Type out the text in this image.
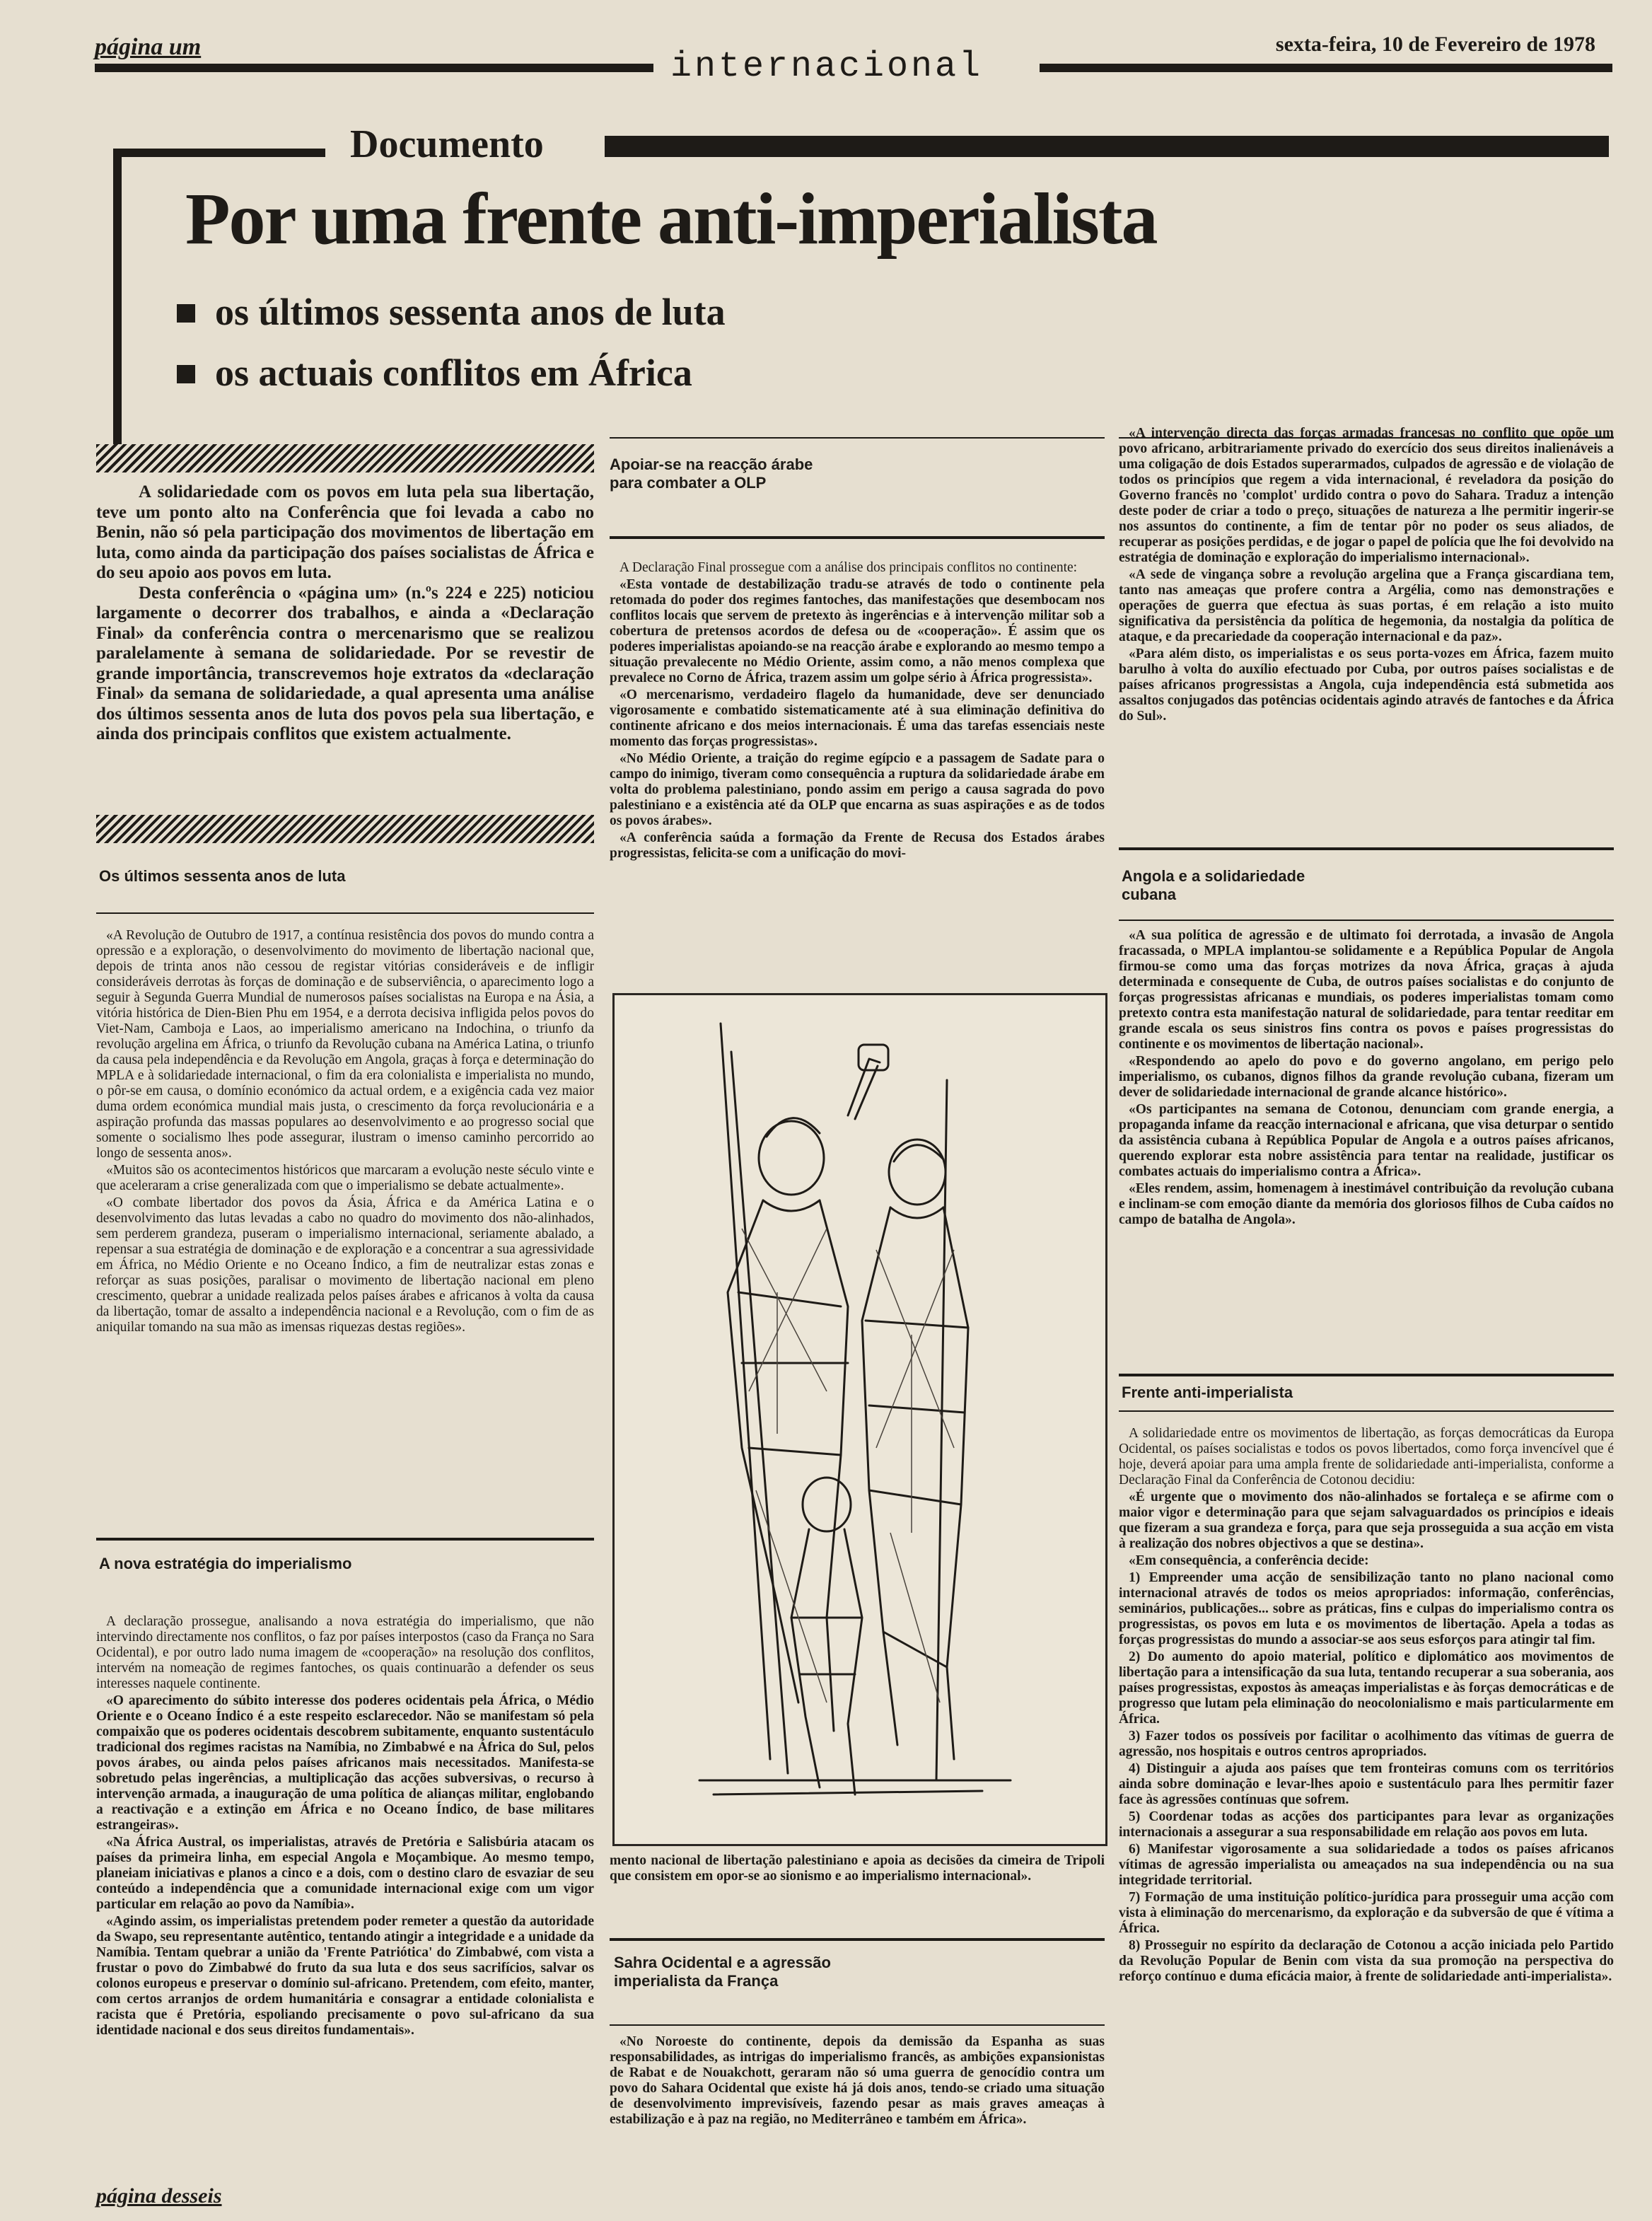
página um	internacional
sexta-feira, 10 de Fevereiro de 1978
Documento
Por uma frente anti-imperialista
os últimos sessenta anos de luta
os actuais conflitos em África

A solidariedade com os povos em luta pela sua libertação, teve um ponto alto na Conferência que foi levada a cabo no Benin, não só pela participação dos movimentos de libertação em luta, como ainda da participação dos países socialistas de África e do seu apoio aos povos em luta.

Desta conferência o «página um» (n.ºs 224 e 225) noticiou largamente o decorrer dos trabalhos, e ainda a «Declaração Final» da conferência contra o mercenarismo que se realizou paralelamente à semana de solidariedade. Por se revestir de grande importância, transcrevemos hoje extratos da «declaração Final» da semana de solidariedade, a qual apresenta uma análise dos últimos sessenta anos de luta dos povos pela sua libertação, e ainda dos principais conflitos que existem actualmente.

Os últimos sessenta anos de luta

«A Revolução de Outubro de 1917, a contínua resistência dos povos do mundo contra a opressão e a exploração, o desenvolvimento do movimento de libertação nacional que, depois de trinta anos não cessou de registar vitórias consideráveis e de infligir consideráveis derrotas às forças de dominação e de subserviência, o aparecimento logo a seguir à Segunda Guerra Mundial de numerosos países socialistas na Europa e na Ásia, a vitória histórica de Dien-Bien Phu em 1954, e a derrota decisiva infligida pelos povos do Viet-Nam, Camboja e Laos, ao imperialismo americano na Indochina, o triunfo da revolução argelina em África, o triunfo da Revolução cubana na América Latina, o triunfo da causa pela independência e da Revolução em Angola, graças à força e determinação do MPLA e à solidariedade internacional, o fim da era colonialista e imperialista no mundo, o pôr-se em causa, o domínio económico da actual ordem, e a exigência cada vez maior duma ordem económica mundial mais justa, o crescimento da força revolucionária e a aspiração profunda das massas populares ao desenvolvimento e ao progresso social que somente o socialismo lhes pode assegurar, ilustram o imenso caminho percorrido ao longo de sessenta anos».

«Muitos são os acontecimentos históricos que marcaram a evolução neste século vinte e que aceleraram a crise generalizada com que o imperialismo se debate actualmente».

«O combate libertador dos povos da Ásia, África e da América Latina e o desenvolvimento das lutas levadas a cabo no quadro do movimento dos não-alinhados, sem perderem grandeza, puseram o imperialismo internacional, seriamente abalado, a repensar a sua estratégia de dominação e de exploração e a concentrar a sua agressividade em África, no Médio Oriente e no Oceano Índico, a fim de neutralizar estas zonas e reforçar as suas posições, paralisar o movimento de libertação nacional em pleno crescimento, quebrar a unidade realizada pelos países árabes e africanos à volta da causa da libertação, tomar de assalto a independência nacional e a Revolução, com o fim de as aniquilar tomando na sua mão as imensas riquezas destas regiões».

A nova estratégia do imperialismo

A declaração prossegue, analisando a nova estratégia do imperialismo, que não intervindo directamente nos conflitos, o faz por países interpostos (caso da França no Sara Ocidental), e por outro lado numa imagem de «cooperação» na resolução dos conflitos, intervém na nomeação de regimes fantoches, os quais continuarão a defender os seus interesses naquele continente.

«O aparecimento do súbito interesse dos poderes ocidentais pela África, o Médio Oriente e o Oceano Índico é a este respeito esclarecedor. Não se manifestam só pela compaixão que os poderes ocidentais descobrem subitamente, enquanto sustentáculo tradicional dos regimes racistas na Namíbia, no Zimbabwé e na África do Sul, pelos povos árabes, ou ainda pelos países africanos mais necessitados. Manifesta-se sobretudo pelas ingerências, a multiplicação das acções subversivas, o recurso à intervenção armada, a inauguração de uma política de alianças militar, englobando a reactivação e a extinção em África e no Oceano Índico, de base militares estrangeiras».

«Na África Austral, os imperialistas, através de Pretória e Salisbúria atacam os países da primeira linha, em especial Angola e Moçambique. Ao mesmo tempo, planeiam iniciativas e planos a cinco e a dois, com o destino claro de esvaziar de seu conteúdo a independência que a comunidade internacional exige com um vigor particular em relação ao povo da Namíbia».

«Agindo assim, os imperialistas pretendem poder remeter a questão da autoridade da Swapo, seu representante autêntico, tentando atingir a integridade e a unidade da Namíbia. Tentam quebrar a união da 'Frente Patriótica' do Zimbabwé, com vista a frustar o povo do Zimbabwé do fruto da sua luta e dos seus sacrifícios, salvar os colonos europeus e preservar o domínio sul-africano. Pretendem, com efeito, manter, com certos arranjos de ordem humanitária e consagrar a entidade colonialista e racista que é Pretória, espoliando precisamente o povo sul-africano da sua identidade nacional e dos seus direitos fundamentais».

Apoiar-se na reacção árabe para combater a OLP

A Declaração Final prossegue com a análise dos principais conflitos no continente:

«Esta vontade de destabilização tradu-se através de todo o continente pela retomada do poder dos regimes fantoches, das manifestações que desembocam nos conflitos locais que servem de pretexto às ingerências e à intervenção militar sob a cobertura de pretensos acordos de defesa ou de «cooperação». É assim que os poderes imperialistas apoiando-se na reacção árabe e explorando ao mesmo tempo a situação prevalecente no Médio Oriente, assim como, a não menos complexa que prevalece no Corno de África, trazem assim um golpe sério à África progressista».

«O mercenarismo, verdadeiro flagelo da humanidade, deve ser denunciado vigorosamente e combatido sistematicamente até à sua eliminação definitiva do continente africano e dos meios internacionais. É uma das tarefas essenciais neste momento das forças progressistas».

«No Médio Oriente, a traição do regime egípcio e a passagem de Sadate para o campo do inimigo, tiveram como consequência a ruptura da solidariedade árabe em volta do problema palestiniano, pondo assim em perigo a causa sagrada do povo palestiniano e a existência até da OLP que encarna as suas aspirações e as de todos os povos árabes».

«A conferência saúda a formação da Frente de Recusa dos Estados árabes progressistas, felicita-se com a unificação do movi-

mento nacional de libertação palestiniano e apoia as decisões da cimeira de Tripoli que consistem em opor-se ao sionismo e ao imperialismo internacional».

Sahra Ocidental e a agressão imperialista da França

«No Noroeste do continente, depois da demissão da Espanha as suas responsabilidades, as intrigas do imperialismo francês, as ambições expansionistas de Rabat e de Nouakchott, geraram não só uma guerra de genocídio contra um povo do Sahara Ocidental que existe há já dois anos, tendo-se criado uma situação de desenvolvimento imprevisíveis, fazendo pesar as mais graves ameaças à estabilização e à paz na região, no Mediterrâneo e também em África».

«A intervenção directa das forças armadas francesas no conflito que opõe um povo africano, arbitrariamente privado do exercício dos seus direitos inalienáveis a uma coligação de dois Estados superarmados, culpados de agressão e de violação de todos os princípios que regem a vida internacional, é reveladora da posição do Governo francês no 'complot' urdido contra o povo do Sahara. Traduz a intenção deste poder de criar a todo o preço, situações de natureza a lhe permitir ingerir-se nos assuntos do continente, a fim de tentar pôr no poder os seus aliados, de recuperar as posições perdidas, e de jogar o papel de polícia que lhe foi devolvido na estratégia de dominação e exploração do imperialismo internacional».

«A sede de vingança sobre a revolução argelina que a França giscardiana tem, tanto nas ameaças que profere contra a Argélia, como nas demonstrações e operações de guerra que efectua às suas portas, é em relação a isto muito significativa da persistência da política de hegemonia, da nostalgia da política de ataque, e da precariedade da cooperação internacional e da paz».

«Para além disto, os imperialistas e os seus porta-vozes em África, fazem muito barulho à volta do auxílio efectuado por Cuba, por outros países socialistas e de países africanos progressistas a Angola, cuja independência está submetida aos assaltos conjugados das potências ocidentais agindo através de fantoches e da África do Sul».

Angola e a solidariedade cubana

«A sua política de agressão e de ultimato foi derrotada, a invasão de Angola fracassada, o MPLA implantou-se solidamente e a República Popular de Angola firmou-se como uma das forças motrizes da nova África, graças à ajuda determinada e consequente de Cuba, de outros países socialistas e do conjunto de forças progressistas africanas e mundiais, os poderes imperialistas tomam como pretexto contra esta manifestação natural de solidariedade, para tentar reeditar em grande escala os seus sinistros fins contra os povos e países progressistas do continente e os movimentos de libertação nacional».

«Respondendo ao apelo do povo e do governo angolano, em perigo pelo imperialismo, os cubanos, dignos filhos da grande revolução cubana, fizeram um dever de solidariedade internacional de grande alcance histórico».

«Os participantes na semana de Cotonou, denunciam com grande energia, a propaganda infame da reacção internacional e africana, que visa deturpar o sentido da assistência cubana à República Popular de Angola e a outros países africanos, querendo explorar esta nobre assistência para tentar na realidade, justificar os combates actuais do imperialismo contra a África».

«Eles rendem, assim, homenagem à inestimável contribuição da revolução cubana e inclinam-se com emoção diante da memória dos gloriosos filhos de Cuba caídos no campo de batalha de Angola».

Frente anti-imperialista

A solidariedade entre os movimentos de libertação, as forças democráticas da Europa Ocidental, os países socialistas e todos os povos libertados, como força invencível que é hoje, deverá apoiar para uma ampla frente de solidariedade anti-imperialista, conforme a Declaração Final da Conferência de Cotonou decidiu:

«É urgente que o movimento dos não-alinhados se fortaleça e se afirme com o maior vigor e determinação para que sejam salvaguardados os princípios e ideais que fizeram a sua grandeza e força, para que seja prosseguida a sua acção em vista à realização dos nobres objectivos a que se destina».

«Em consequência, a conferência decide:

1) Empreender uma acção de sensibilização tanto no plano nacional como internacional através de todos os meios apropriados: informação, conferências, seminários, publicações... sobre as práticas, fins e culpas do imperialismo contra os progressistas, os povos em luta e os movimentos de libertação. Apela a todas as forças progressistas do mundo a associar-se aos seus esforços para atingir tal fim.

2) Do aumento do apoio material, político e diplomático aos movimentos de libertação para a intensificação da sua luta, tentando recuperar a sua soberania, aos países progressistas, expostos às ameaças imperialistas e às forças democráticas e de progresso que lutam pela eliminação do neocolonialismo e mais particularmente em África.

3) Fazer todos os possíveis por facilitar o acolhimento das vítimas de guerra de agressão, nos hospitais e outros centros apropriados.

4) Distinguir a ajuda aos países que tem fronteiras comuns com os territórios ainda sobre dominação e levar-lhes apoio e sustentáculo para lhes permitir fazer face às agressões contínuas que sofrem.

5) Coordenar todas as acções dos participantes para levar as organizações internacionais a assegurar a sua responsabilidade em relação aos povos em luta.

6) Manifestar vigorosamente a sua solidariedade a todos os países africanos vítimas de agressão imperialista ou ameaçados na sua independência ou na sua integridade territorial.

7) Formação de uma instituição político-jurídica para prosseguir uma acção com vista à eliminação do mercenarismo, da exploração e da subversão de que é vítima a África.

8) Prosseguir no espírito da declaração de Cotonou a acção iniciada pelo Partido da Revolução Popular de Benin com vista da sua promoção na perspectiva do reforço contínuo e duma eficácia maior, à frente de solidariedade anti-imperialista».

página desseis
